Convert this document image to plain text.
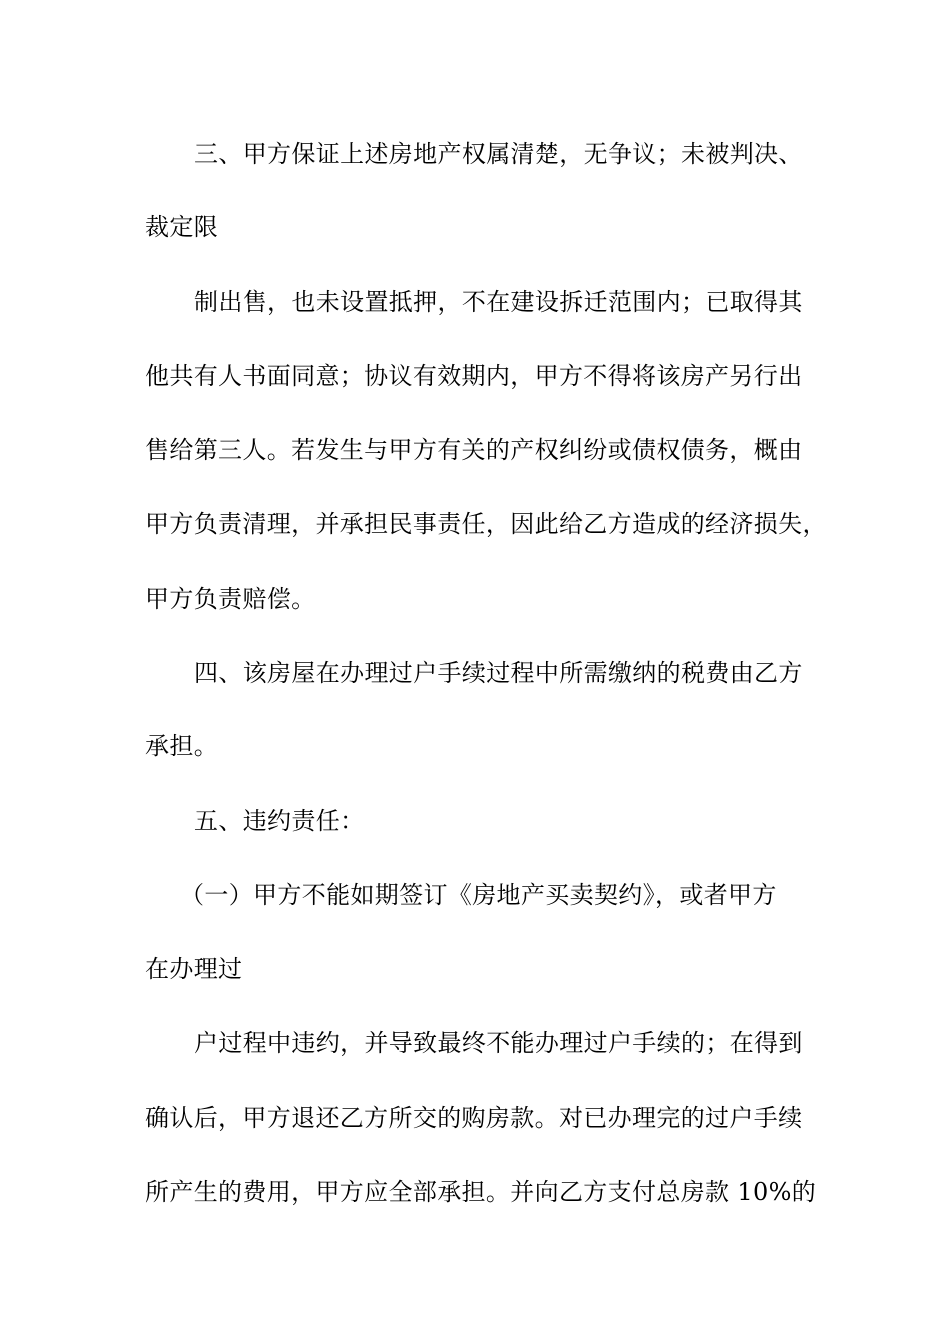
三、甲方保证上述房地产权属清楚，无争议；未被判决、
裁定限
制出售，也未设置抵押，不在建设拆迁范围内；已取得其
他共有人书面同意；协议有效期内，甲方不得将该房产另行出
售给第三人。若发生与甲方有关的产权纠纷或债权债务，概由
甲方负责清理，并承担民事责任，因此给乙方造成的经济损失，
甲方负责赔偿。
四、该房屋在办理过户手续过程中所需缴纳的税费由乙方
承担。
五、违约责任：
（一）甲方不能如期签订《房地产买卖契约》，或者甲方
在办理过
户过程中违约，并导致最终不能办理过户手续的；在得到
确认后，甲方退还乙方所交的购房款。对已办理完的过户手续
所产生的费用，甲方应全部承担。并向乙方支付总房款 10%的
